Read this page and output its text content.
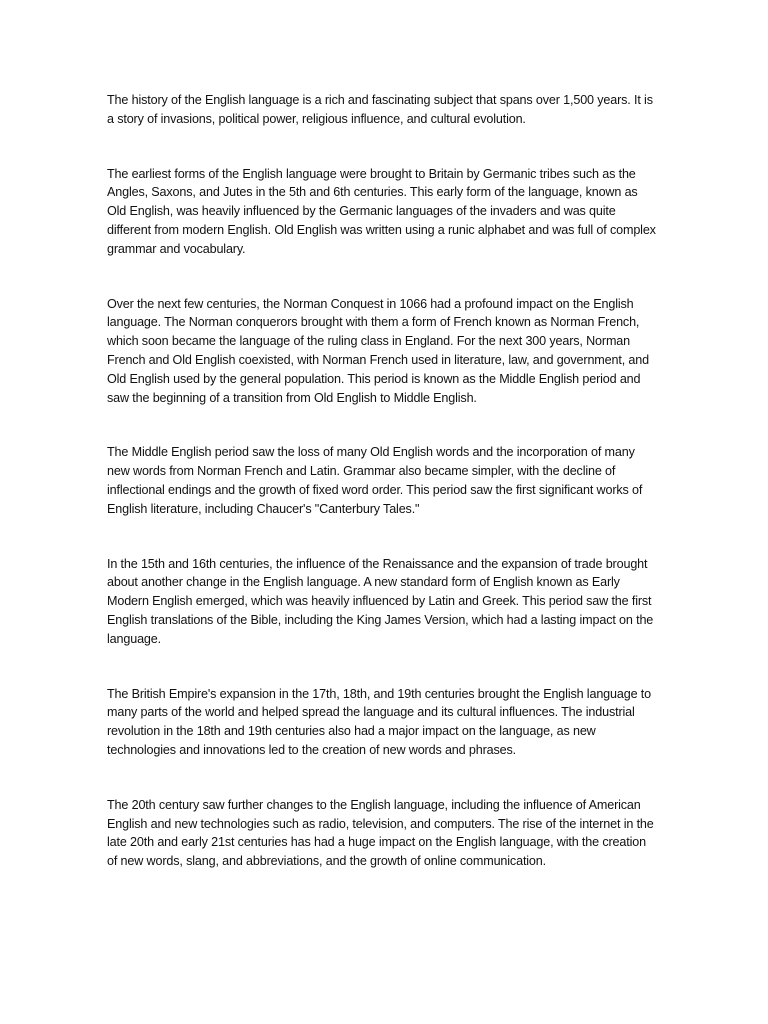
The history of the English language is a rich and fascinating subject that spans over 1,500 years. It is a story of invasions, political power, religious influence, and cultural evolution.

The earliest forms of the English language were brought to Britain by Germanic tribes such as the Angles, Saxons, and Jutes in the 5th and 6th centuries. This early form of the language, known as Old English, was heavily influenced by the Germanic languages of the invaders and was quite different from modern English. Old English was written using a runic alphabet and was full of complex grammar and vocabulary.

Over the next few centuries, the Norman Conquest in 1066 had a profound impact on the English language. The Norman conquerors brought with them a form of French known as Norman French, which soon became the language of the ruling class in England. For the next 300 years, Norman French and Old English coexisted, with Norman French used in literature, law, and government, and Old English used by the general population. This period is known as the Middle English period and saw the beginning of a transition from Old English to Middle English.

The Middle English period saw the loss of many Old English words and the incorporation of many new words from Norman French and Latin. Grammar also became simpler, with the decline of inflectional endings and the growth of fixed word order. This period saw the first significant works of English literature, including Chaucer's "Canterbury Tales."

In the 15th and 16th centuries, the influence of the Renaissance and the expansion of trade brought about another change in the English language. A new standard form of English known as Early Modern English emerged, which was heavily influenced by Latin and Greek. This period saw the first English translations of the Bible, including the King James Version, which had a lasting impact on the language.

The British Empire's expansion in the 17th, 18th, and 19th centuries brought the English language to many parts of the world and helped spread the language and its cultural influences. The industrial revolution in the 18th and 19th centuries also had a major impact on the language, as new technologies and innovations led to the creation of new words and phrases.

The 20th century saw further changes to the English language, including the influence of American English and new technologies such as radio, television, and computers. The rise of the internet in the late 20th and early 21st centuries has had a huge impact on the English language, with the creation of new words, slang, and abbreviations, and the growth of online communication.
